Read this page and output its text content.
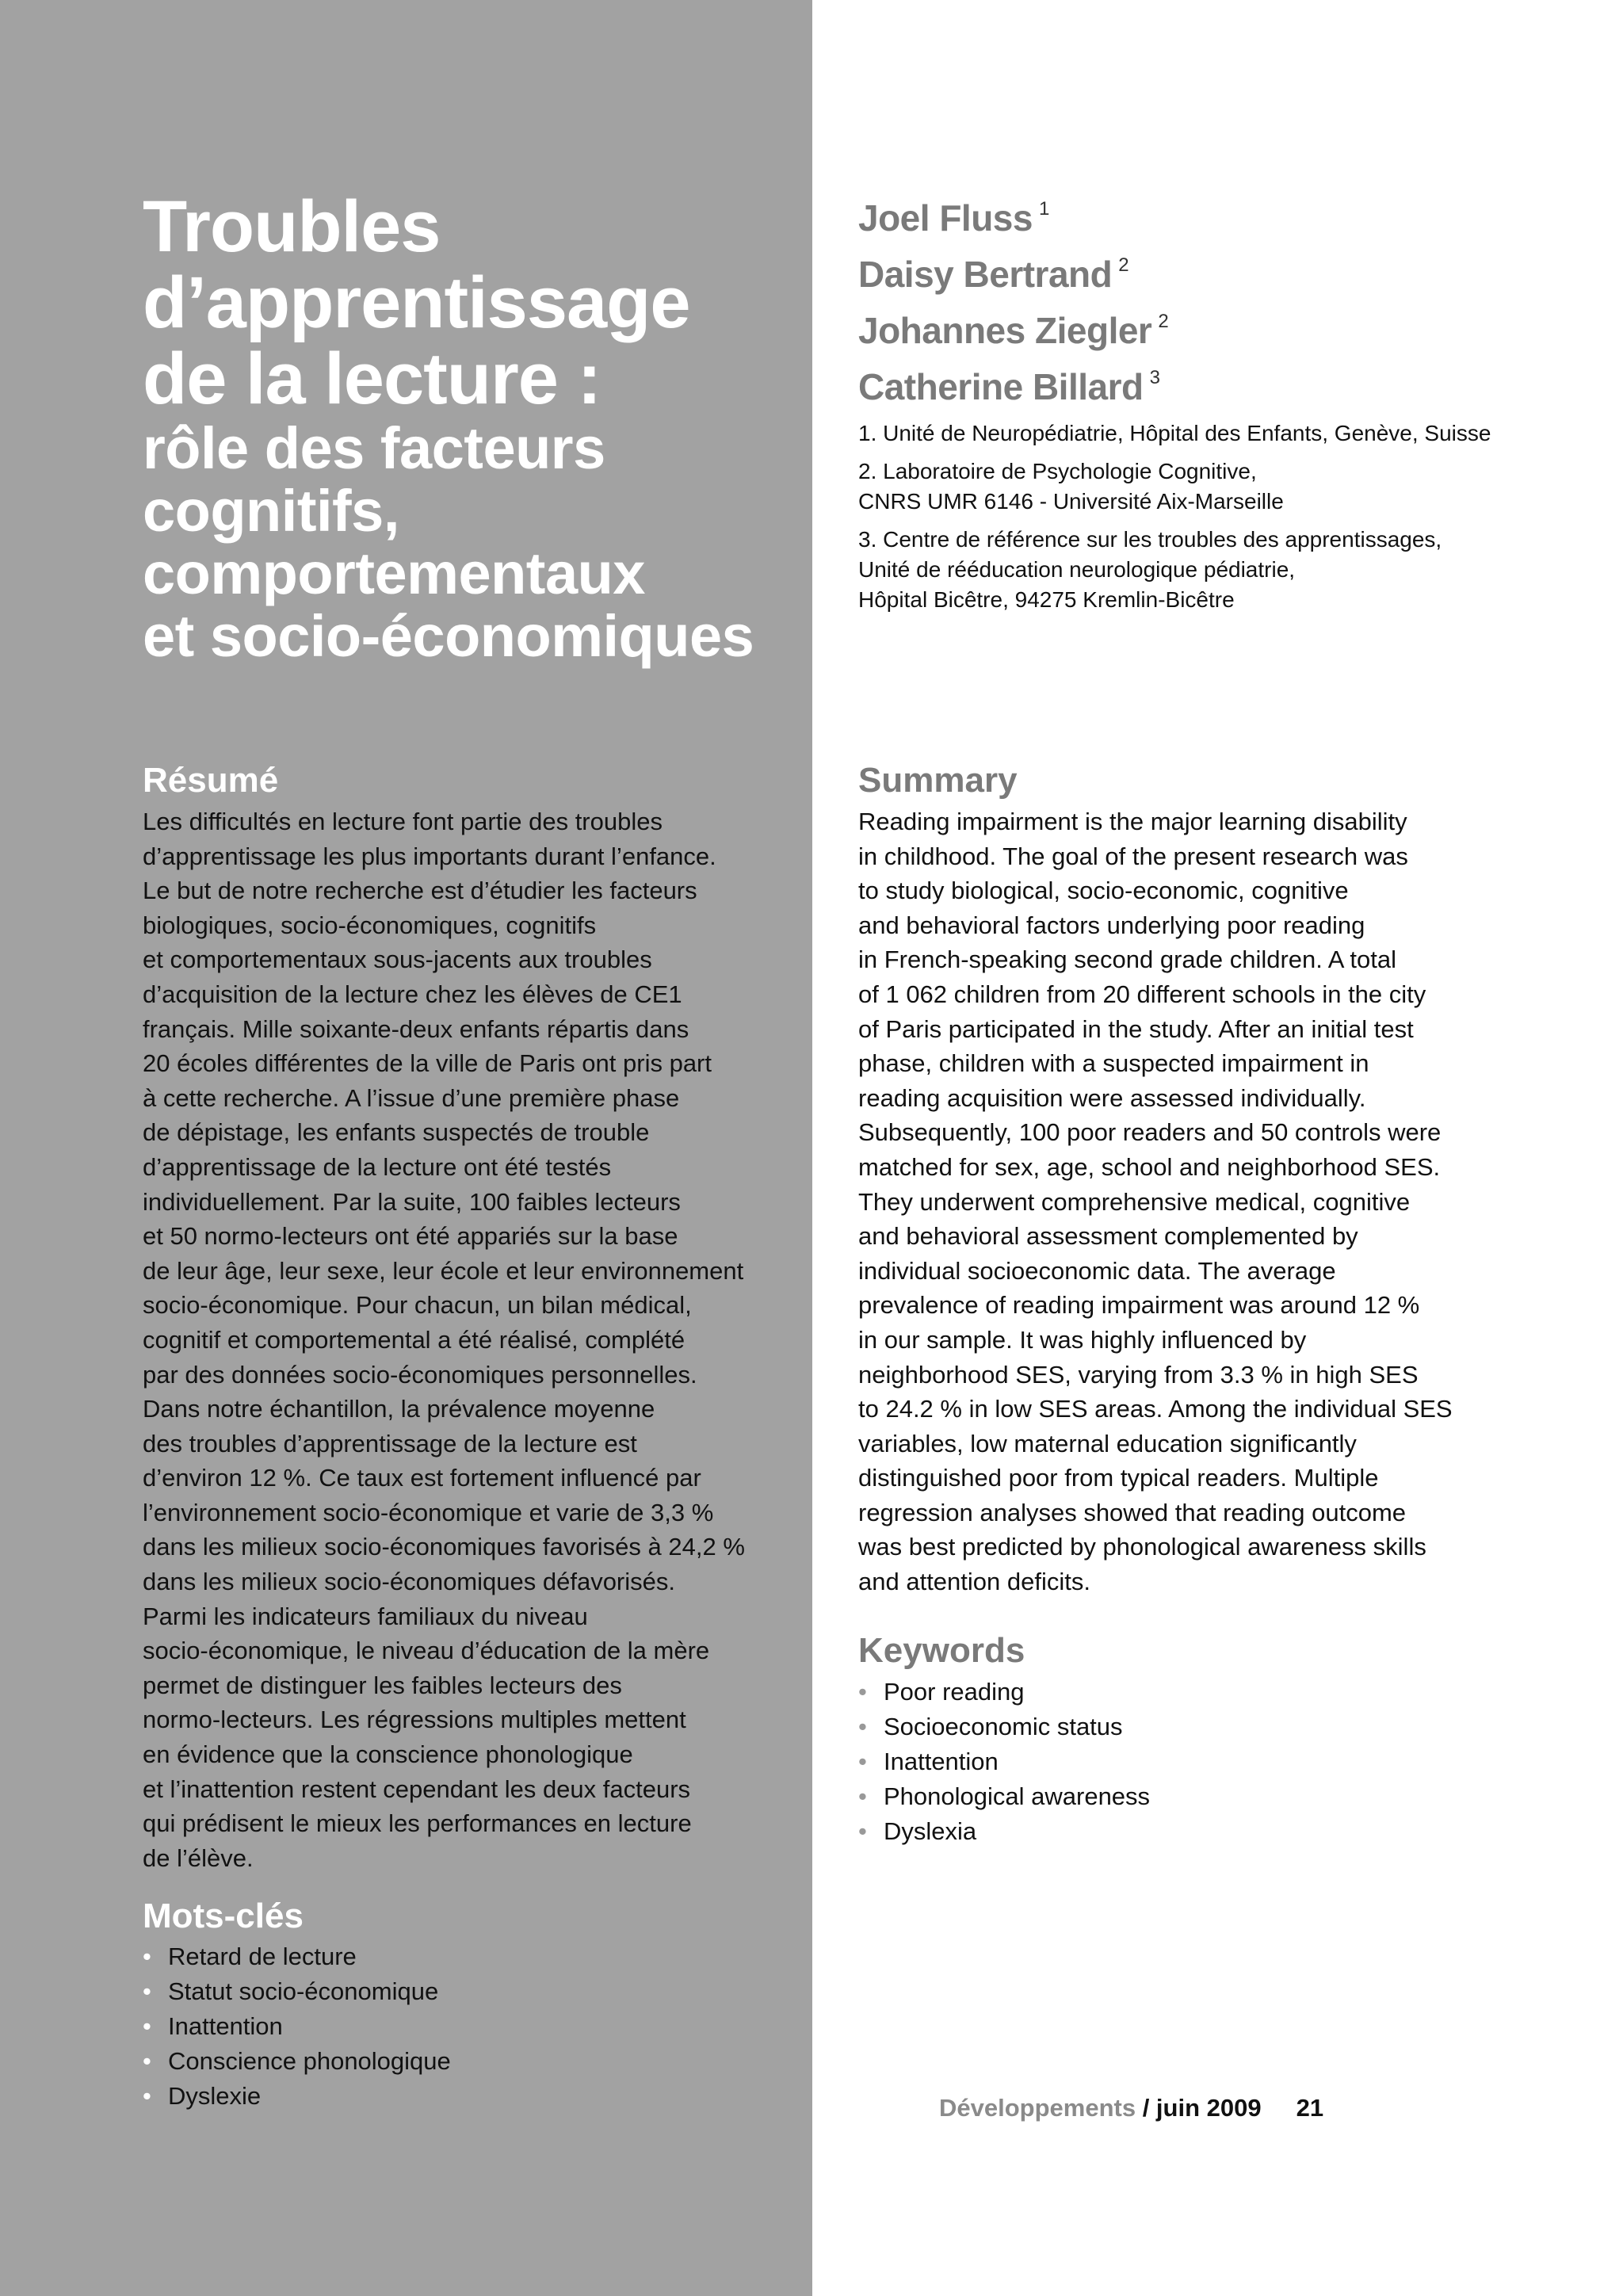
Troubles
d’apprentissage
de la lecture :
rôle des facteurs
cognitifs,
comportementaux
et socio-économiques
Joel Fluss $^1$
Daisy Bertrand $^2$
Johannes Ziegler $^2$
Catherine Billard $^3$
1. Unité de Neuropédiatrie, Hôpital des Enfants, Genève, Suisse
2. Laboratoire de Psychologie Cognitive,
CNRS UMR 6146 - Université Aix-Marseille
3. Centre de référence sur les troubles des apprentissages,
Unité de rééducation neurologique pédiatrie,
Hôpital Bicêtre, 94275 Kremlin-Bicêtre
Résumé
Les difficultés en lecture font partie des troubles
d’apprentissage les plus importants durant l’enfance.
Le but de notre recherche est d’étudier les facteurs
biologiques, socio-économiques, cognitifs
et comportementaux sous-jacents aux troubles
d’acquisition de la lecture chez les élèves de CE1
français. Mille soixante-deux enfants répartis dans
20 écoles différentes de la ville de Paris ont pris part
à cette recherche. A l’issue d’une première phase
de dépistage, les enfants suspectés de trouble
d’apprentissage de la lecture ont été testés
individuellement. Par la suite, 100 faibles lecteurs
et 50 normo-lecteurs ont été appariés sur la base
de leur âge, leur sexe, leur école et leur environnement
socio-économique. Pour chacun, un bilan médical,
cognitif et comportemental a été réalisé, complété
par des données socio-économiques personnelles.
Dans notre échantillon, la prévalence moyenne
des troubles d’apprentissage de la lecture est
d’environ 12 %. Ce taux est fortement influencé par
l’environnement socio-économique et varie de 3,3 %
dans les milieux socio-économiques favorisés à 24,2 %
dans les milieux socio-économiques défavorisés.
Parmi les indicateurs familiaux du niveau
socio-économique, le niveau d’éducation de la mère
permet de distinguer les faibles lecteurs des
normo-lecteurs. Les régressions multiples mettent
en évidence que la conscience phonologique
et l’inattention restent cependant les deux facteurs
qui prédisent le mieux les performances en lecture
de l’élève.
Mots-clés
• Retard de lecture
• Statut socio-économique
• Inattention
• Conscience phonologique
• Dyslexie
Summary
Reading impairment is the major learning disability
in childhood. The goal of the present research was
to study biological, socio-economic, cognitive
and behavioral factors underlying poor reading
in French-speaking second grade children. A total
of 1 062 children from 20 different schools in the city
of Paris participated in the study. After an initial test
phase, children with a suspected impairment in
reading acquisition were assessed individually.
Subsequently, 100 poor readers and 50 controls were
matched for sex, age, school and neighborhood SES.
They underwent comprehensive medical, cognitive
and behavioral assessment complemented by
individual socioeconomic data. The average
prevalence of reading impairment was around 12 %
in our sample. It was highly influenced by
neighborhood SES, varying from 3.3 % in high SES
to 24.2 % in low SES areas. Among the individual SES
variables, low maternal education significantly
distinguished poor from typical readers. Multiple
regression analyses showed that reading outcome
was best predicted by phonological awareness skills
and attention deficits.
Keywords
• Poor reading
• Socioeconomic status
• Inattention
• Phonological awareness
• Dyslexia
Développements / juin 2009 21
